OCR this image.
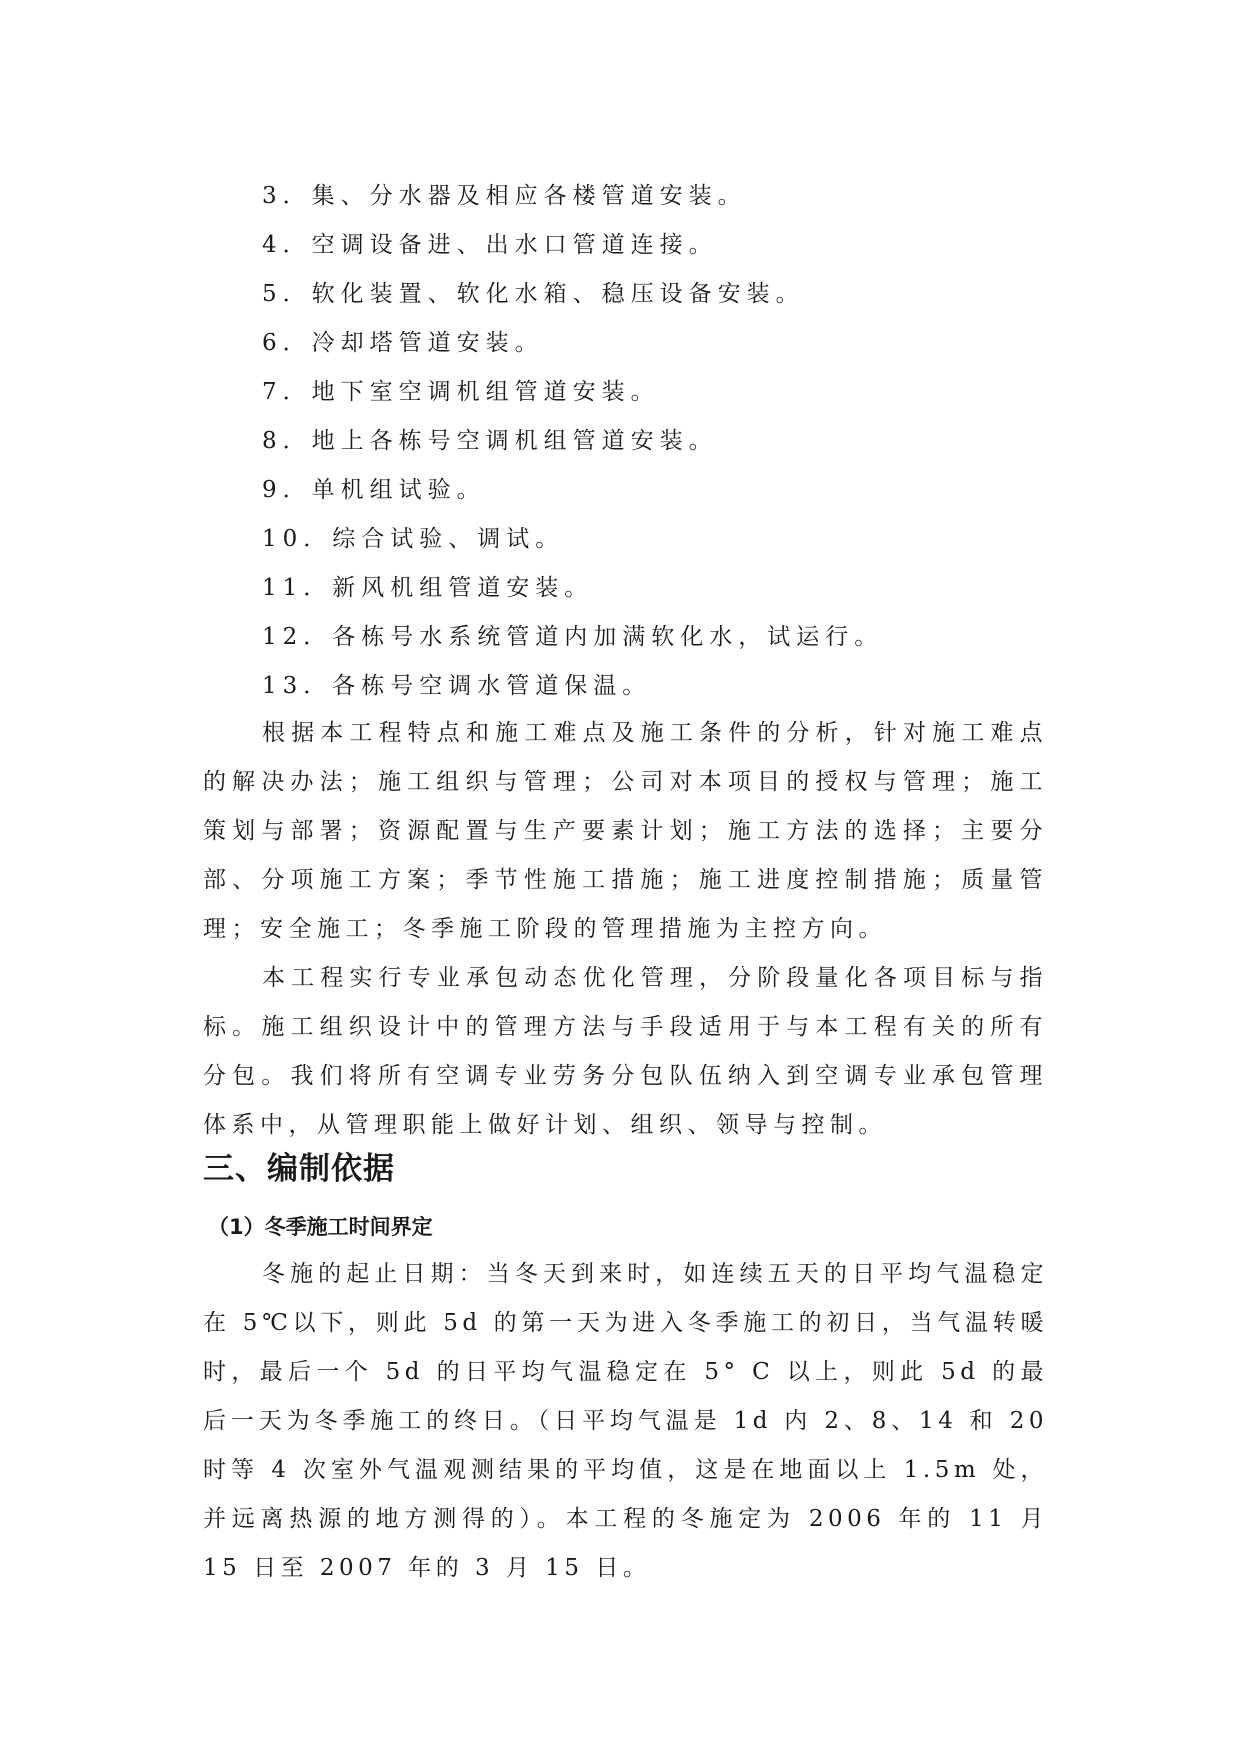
3．集、分水器及相应各楼管道安装。
4．空调设备进、出水口管道连接。
5．软化装置、软化水箱、稳压设备安装。
6．冷却塔管道安装。
7．地下室空调机组管道安装。
8．地上各栋号空调机组管道安装。
9．单机组试验。
10．综合试验、调试。
11．新风机组管道安装。
12．各栋号水系统管道内加满软化水，试运行。
13．各栋号空调水管道保温。

根据本工程特点和施工难点及施工条件的分析，针对施工难点的解决办法；施工组织与管理；公司对本项目的授权与管理；施工策划与部署；资源配置与生产要素计划；施工方法的选择；主要分部、分项施工方案；季节性施工措施；施工进度控制措施；质量管理；安全施工；冬季施工阶段的管理措施为主控方向。

本工程实行专业承包动态优化管理，分阶段量化各项目标与指标。施工组织设计中的管理方法与手段适用于与本工程有关的所有分包。我们将所有空调专业劳务分包队伍纳入到空调专业承包管理体系中，从管理职能上做好计划、组织、领导与控制。

三、编制依据
（1）冬季施工时间界定

冬施的起止日期：当冬天到来时，如连续五天的日平均气温稳定在 5℃以下，则此 5d 的第一天为进入冬季施工的初日，当气温转暖时，最后一个 5d 的日平均气温稳定在 5° C 以上，则此 5d 的最后一天为冬季施工的终日。（日平均气温是 1d 内 2、8、14 和 20 时等 4 次室外气温观测结果的平均值，这是在地面以上 1.5m 处，并远离热源的地方测得的）。本工程的冬施定为 2006 年的 11 月 15 日至 2007 年的 3 月 15 日。
